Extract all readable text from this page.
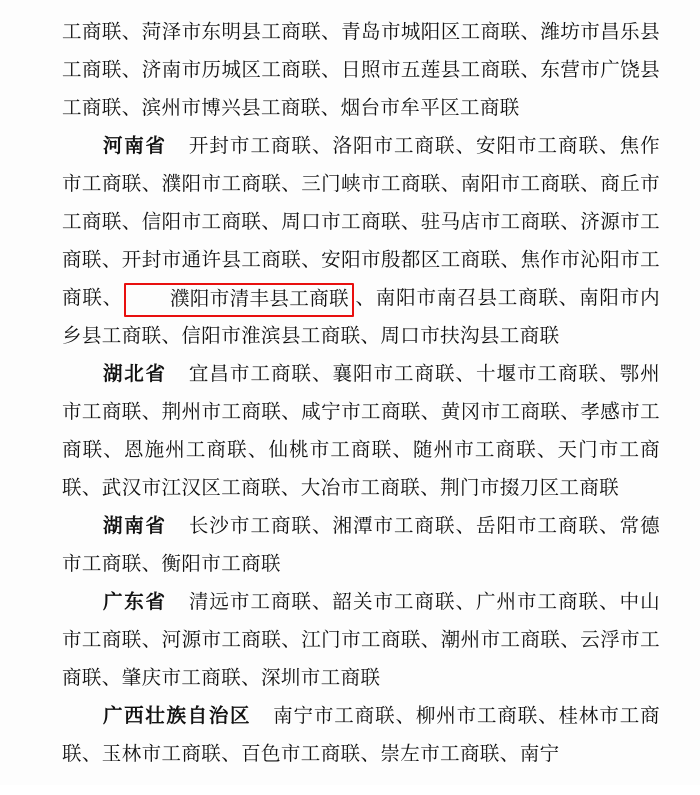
工商联、菏泽市东明县工商联、青岛市城阳区工商联、潍坊市昌乐县工商联、济南市历城区工商联、日照市五莲县工商联、东营市广饶县工商联、滨州市博兴县工商联、烟台市牟平区工商联

河南省 开封市工商联、洛阳市工商联、安阳市工商联、焦作市工商联、濮阳市工商联、三门峡市工商联、南阳市工商联、商丘市工商联、信阳市工商联、周口市工商联、驻马店市工商联、济源市工商联、开封市通许县工商联、安阳市殷都区工商联、焦作市沁阳市工商联、 濮阳市清丰县工商联 、南阳市南召县工商联、南阳市内乡县工商联、信阳市淮滨县工商联、周口市扶沟县工商联

湖北省 宜昌市工商联、襄阳市工商联、十堰市工商联、鄂州市工商联、荆州市工商联、咸宁市工商联、黄冈市工商联、孝感市工商联、恩施州工商联、仙桃市工商联、随州市工商联、天门市工商联、武汉市江汉区工商联、大冶市工商联、荆门市掇刀区工商联

湖南省 长沙市工商联、湘潭市工商联、岳阳市工商联、常德市工商联、衡阳市工商联

广东省 清远市工商联、韶关市工商联、广州市工商联、中山市工商联、河源市工商联、江门市工商联、潮州市工商联、云浮市工商联、肇庆市工商联、深圳市工商联

广西壮族自治区 南宁市工商联、柳州市工商联、桂林市工商联、玉林市工商联、百色市工商联、崇左市工商联、南宁
